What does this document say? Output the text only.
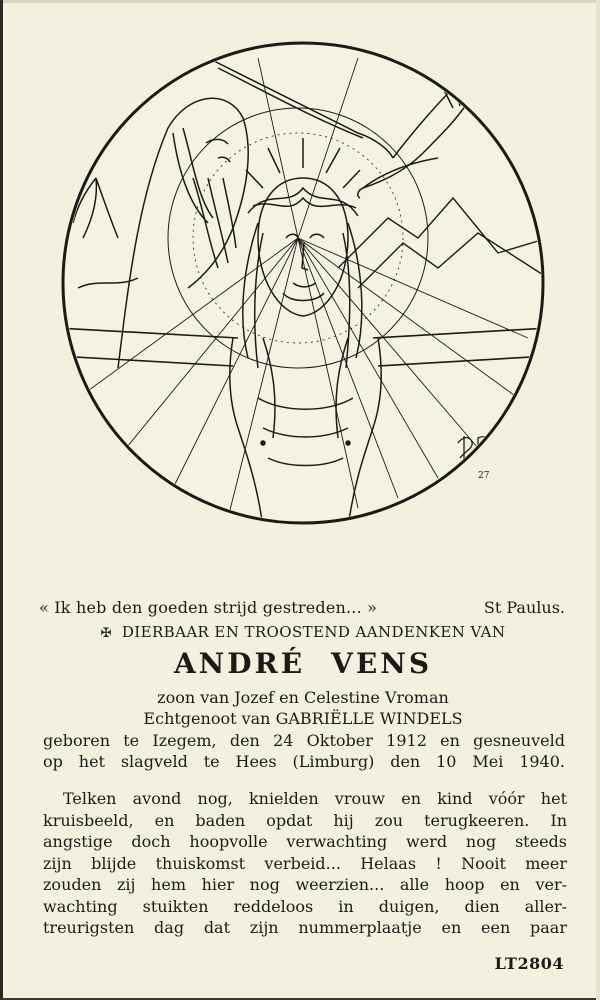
27
« Ik heb den goeden strijd gestreden... »	St Paulus.
✠ DIERBAAR EN TROOSTEND AANDENKEN VAN
ANDRÉ VENS
zoon van Jozef en Celestine Vroman
Echtgenoot van GABRIËLLE WINDELS
geboren te Izegem, den 24 Oktober 1912 en gesneuveld
op het slagveld te Hees (Limburg) den 10 Mei 1940.
Telken avond nog, knielden vrouw en kind vóór het
kruisbeeld, en baden opdat hij zou terugkeeren. In
angstige doch hoopvolle verwachting werd nog steeds
zijn blijde thuiskomst verbeid... Helaas ! Nooit meer
zouden zij hem hier nog weerzien... alle hoop en ver-
wachting stuikten reddeloos in duigen, dien aller-
treurigsten dag dat zijn nummerplaatje en een paar
LT2804
